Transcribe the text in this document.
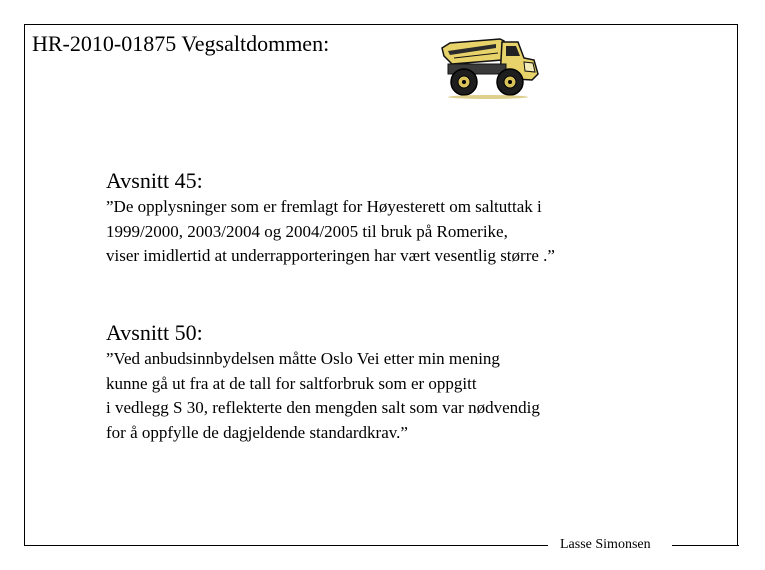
HR-2010-01875 Vegsaltdommen:
Avsnitt 45:
”De opplysninger som er fremlagt for Høyesterett om saltuttak i
1999/2000, 2003/2004 og 2004/2005 til bruk på Romerike,
viser imidlertid at underrapporteringen har vært vesentlig større .”
Avsnitt 50:
”Ved anbudsinnbydelsen måtte Oslo Vei etter min mening
kunne gå ut fra at de tall for saltforbruk som er oppgitt
i vedlegg S 30, reflekterte den mengden salt som var nødvendig
for å oppfylle de dagjeldende standardkrav.”
Lasse Simonsen
